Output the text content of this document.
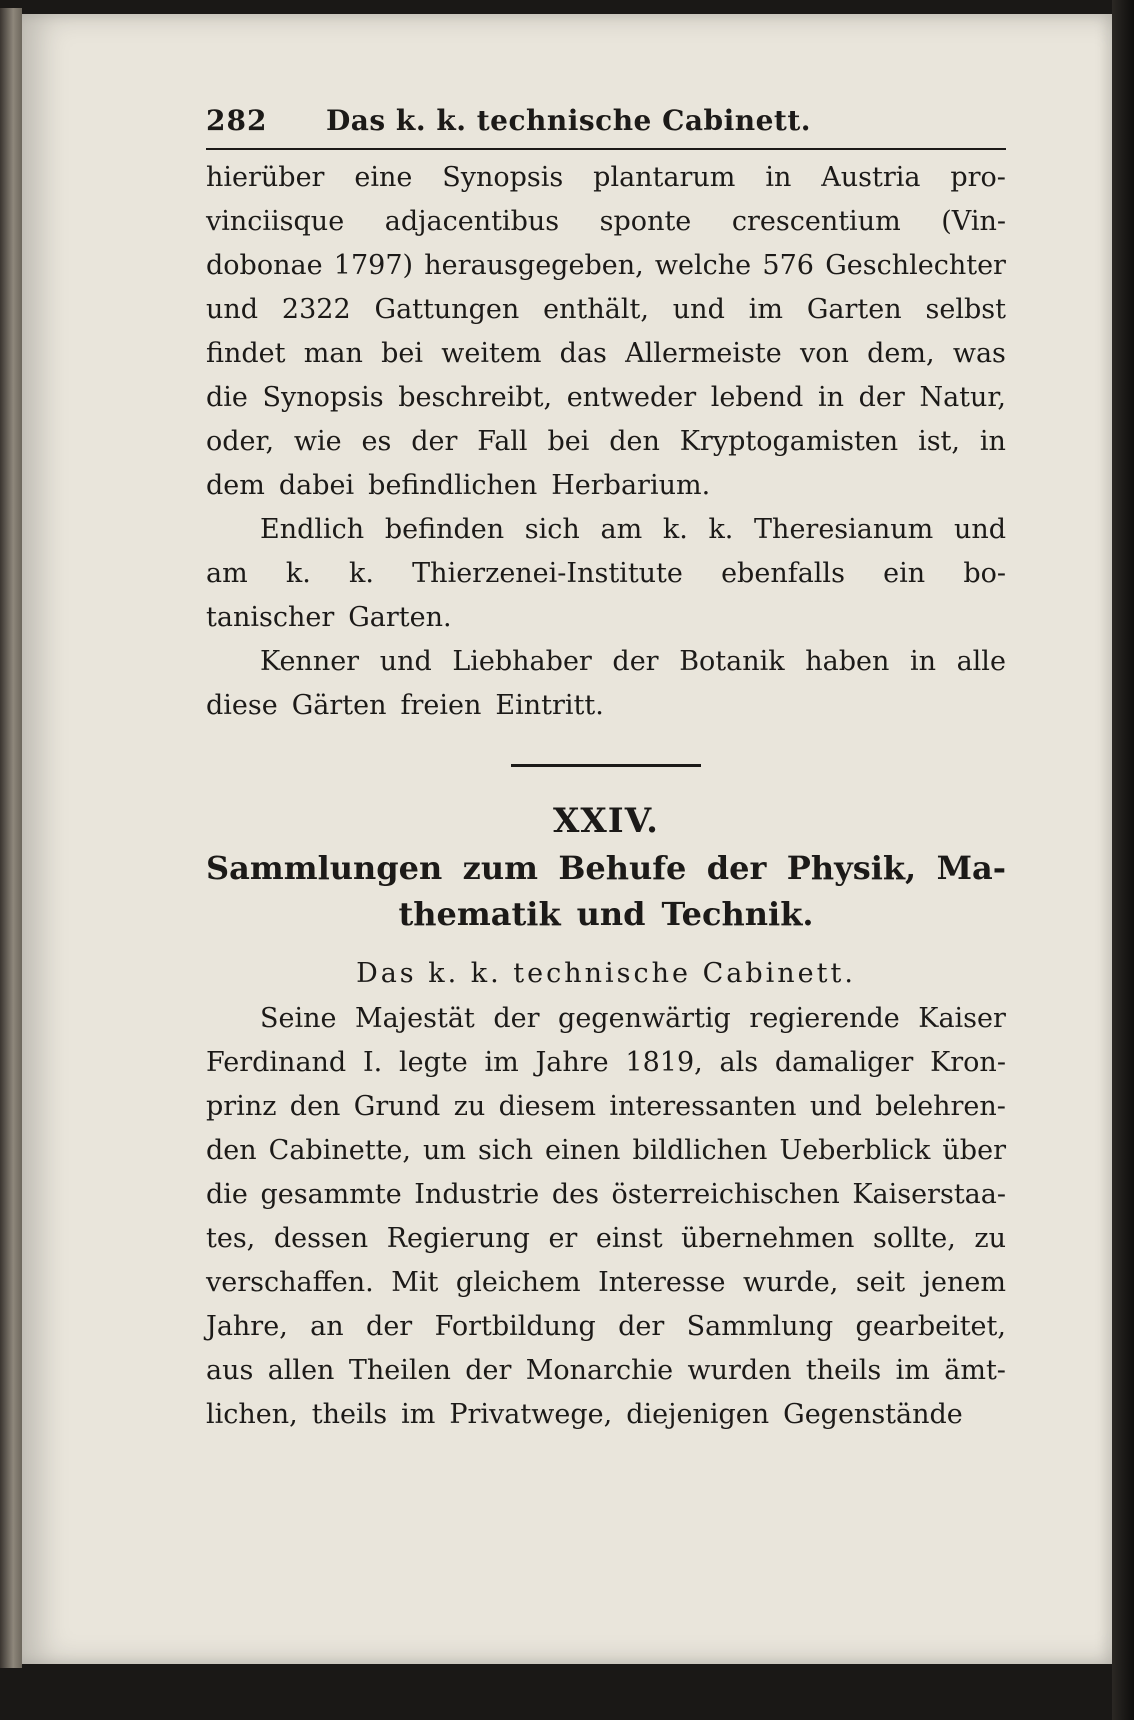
282	Das k. k. technische Cabinett.
hierüber eine Synopsis plantarum in Austria pro-
vinciisque adjacentibus sponte crescentium (Vin-
dobonae 1797) herausgegeben, welche 576 Geschlechter
und 2322 Gattungen enthält, und im Garten selbst
findet man bei weitem das Allermeiste von dem, was
die Synopsis beschreibt, entweder lebend in der Natur,
oder, wie es der Fall bei den Kryptogamisten ist, in
dem dabei befindlichen Herbarium.
Endlich befinden sich am k. k. Theresianum und
am k. k. Thierzenei-Institute ebenfalls ein bo-
tanischer Garten.
Kenner und Liebhaber der Botanik haben in alle
diese Gärten freien Eintritt.
XXIV.
Sammlungen zum Behufe der Physik, Ma-
thematik und Technik.
Das k. k. technische Cabinett.
Seine Majestät der gegenwärtig regierende Kaiser
Ferdinand I. legte im Jahre 1819, als damaliger Kron-
prinz den Grund zu diesem interessanten und belehren-
den Cabinette, um sich einen bildlichen Ueberblick über
die gesammte Industrie des österreichischen Kaiserstaa-
tes, dessen Regierung er einst übernehmen sollte, zu
verschaffen. Mit gleichem Interesse wurde, seit jenem
Jahre, an der Fortbildung der Sammlung gearbeitet,
aus allen Theilen der Monarchie wurden theils im ämt-
lichen, theils im Privatwege, diejenigen Gegenstände
